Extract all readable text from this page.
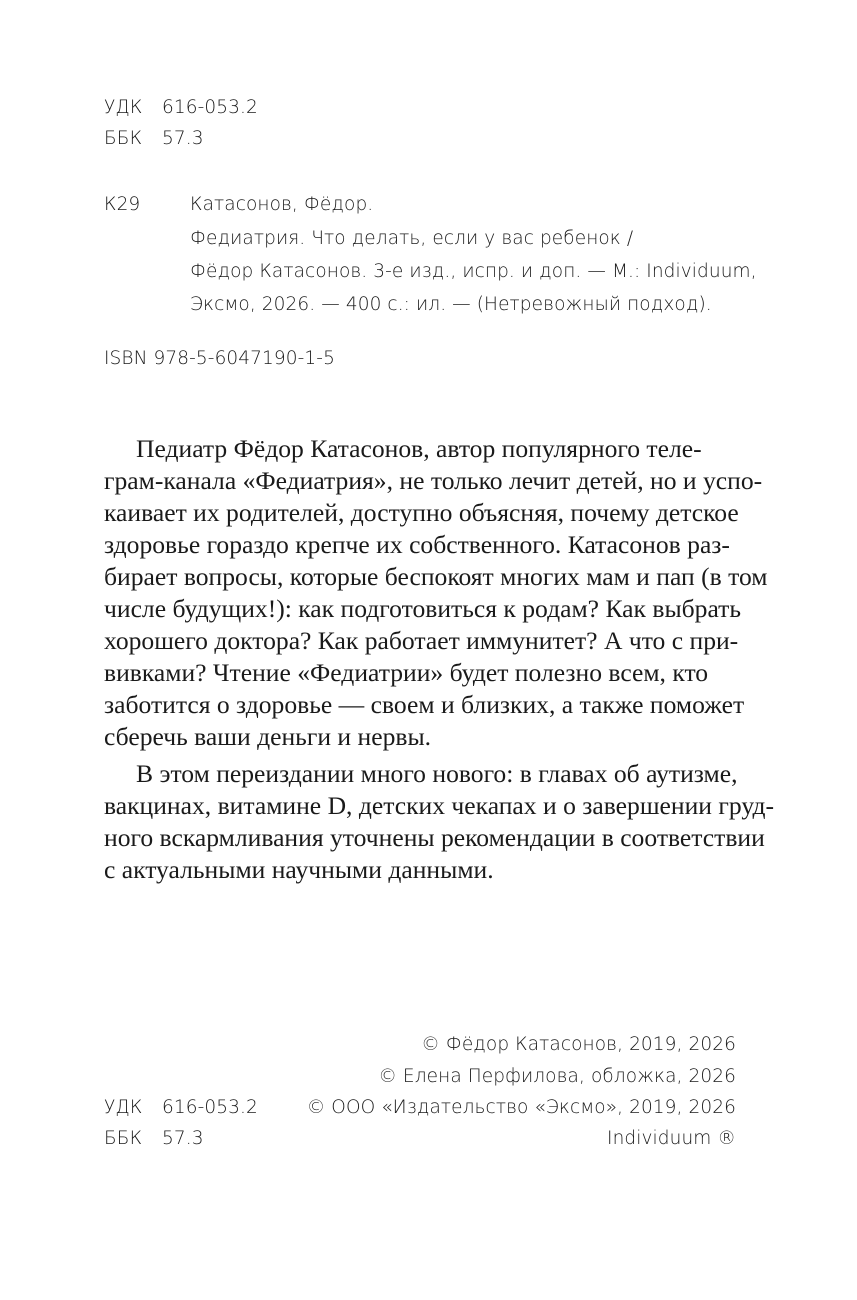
УДК 616-053.2
ББК 57.3
К29	Катасонов, Фёдор.
Федиатрия. Что делать, если у вас ребенок /
Фёдор Катасонов. 3-е изд., испр. и доп. — М.: Individuum,
Эксмо, 2026. — 400 с.: ил. — (Нетревожный подход).
ISBN 978-5-6047190-1-5
Педиатр Фёдор Катасонов, автор популярного теле-
грам-канала «Федиатрия», не только лечит детей, но и успо-
каивает их родителей, доступно объясняя, почему детское
здоровье гораздо крепче их собственного. Катасонов раз-
бирает вопросы, которые беспокоят многих мам и пап (в том
числе будущих!): как подготовиться к родам? Как выбрать
хорошего доктора? Как работает иммунитет? А что с при-
вивками? Чтение «Федиатрии» будет полезно всем, кто
заботится о здоровье — своем и близких, а также поможет
сберечь ваши деньги и нервы.
В этом переиздании много нового: в главах об аутизме,
вакцинах, витамине D, детских чекапах и о завершении груд-
ного вскармливания уточнены рекомендации в соответствии
с актуальными научными данными.
© Фёдор Катасонов, 2019, 2026
© Елена Перфилова, обложка, 2026
© ООО «Издательство «Эксмо», 2019, 2026
Individuum ®
УДК 616-053.2
ББК 57.3
